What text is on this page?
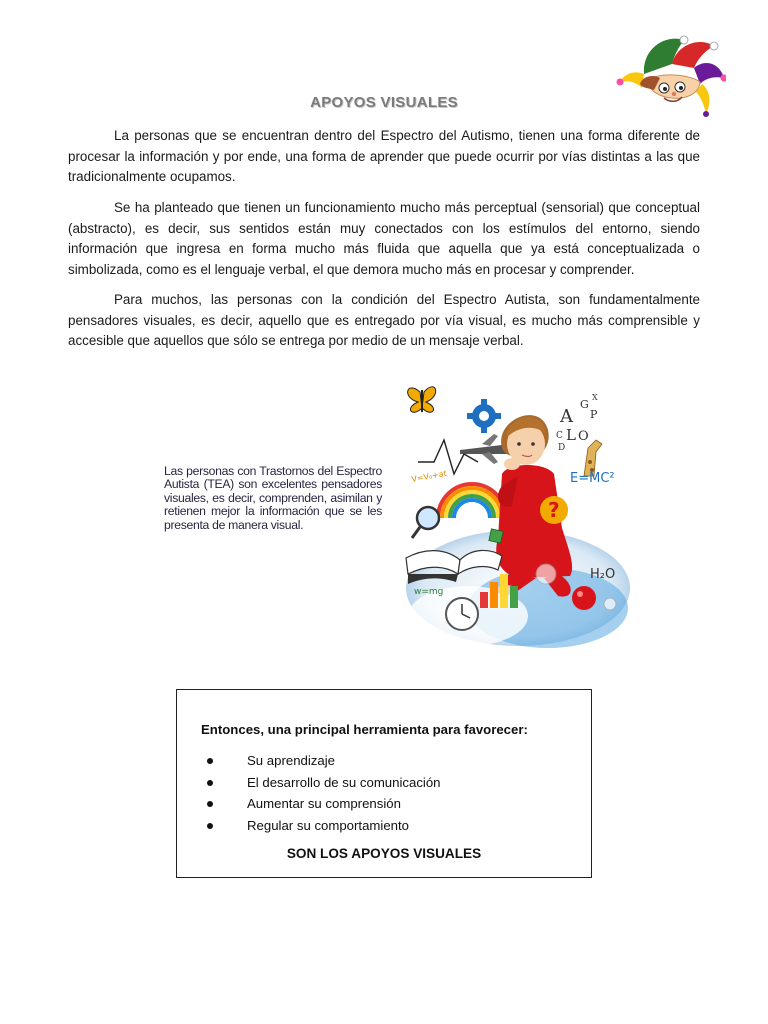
APOYOS VISUALES

La personas que se encuentran dentro del Espectro del Autismo, tienen una forma diferente de procesar la información y por ende, una forma de aprender que puede ocurrir por vías distintas a las que tradicionalmente ocupamos.

Se ha planteado que tienen un funcionamiento mucho más perceptual (sensorial) que conceptual (abstracto), es decir, sus sentidos están muy conectados con los estímulos del entorno, siendo información que ingresa en forma mucho más fluida que aquella que ya está conceptualizada o simbolizada, como es el lenguaje verbal, el que demora mucho más en procesar y comprender.

Para muchos, las personas con la condición del Espectro Autista, son fundamentalmente pensadores visuales, es decir, aquello que es entregado por vía visual, es mucho más comprensible y accesible que aquellos que sólo se entrega por medio de un mensaje verbal.

Las personas con Trastornos del Espectro Autista (TEA) son excelentes pensadores visuales, es decir, comprenden, asimilan y retienen mejor la información que se les presenta de manera visual.

A
G
X
P
L O
C
D
E=MC²
V=V₀+at
?
w=mg
H₂O

Entonces, una principal herramienta para favorecer:

Su aprendizaje
El desarrollo de su comunicación
Aumentar su comprensión
Regular su comportamiento

SON LOS APOYOS VISUALES
